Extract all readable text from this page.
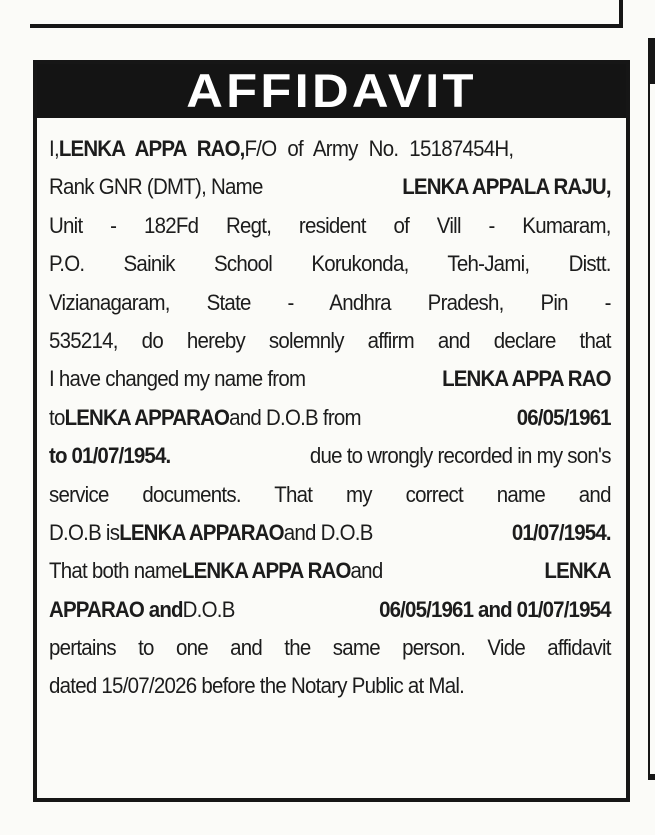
AFFIDAVIT
I,LENKA APPA RAO,F/O of Army No. 15187454H,
Rank GNR (DMT), Name	LENKA APPALA RAJU,
Unit - 182Fd Regt, resident of Vill - Kumaram,
P.O. Sainik School Korukonda, Teh-Jami, Distt.
Vizianagaram, State - Andhra Pradesh, Pin -
535214, do hereby solemnly affirm and declare that
I have changed my name from	LENKA APPA RAO
toLENKA APPARAOand D.O.B from	06/05/1961
to 01/07/1954.	due to wrongly recorded in my son's
service documents. That my correct name and
D.O.B isLENKA APPARAOand D.O.B	01/07/1954.
That both nameLENKA APPA RAOand	LENKA
APPARAO andD.O.B	06/05/1961 and 01/07/1954
pertains to one and the same person. Vide affidavit
dated 15/07/2026 before the Notary Public at Mal.
